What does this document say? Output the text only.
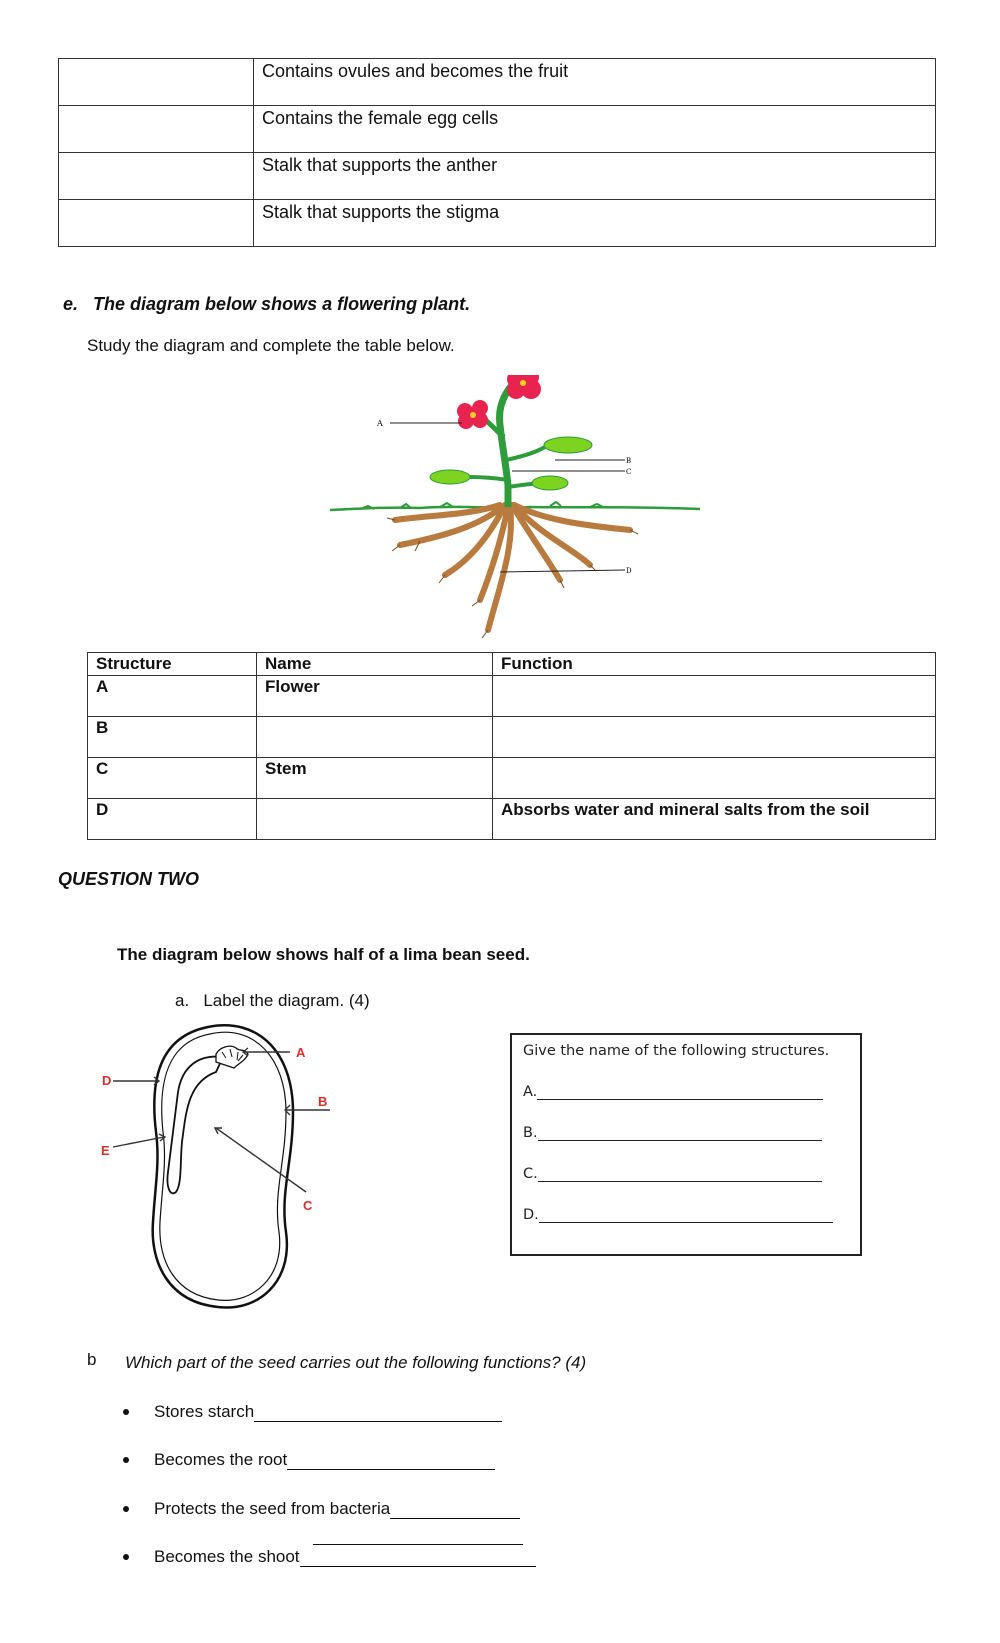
	Contains ovules and becomes the fruit
	Contains the female egg cells
	Stalk that supports the anther
	Stalk that supports the stigma
e. The diagram below shows a flowering plant.
Study the diagram and complete the table below.
A
B
C
D
Structure	Name	Function
A	Flower	
B		
C	Stem	
D		Absorbs water and mineral salts from the soil
QUESTION TWO
The diagram below shows half of a lima bean seed.
a.   Label the diagram. (4)
A
D
B
E
C
Give the name of the following structures.
A.
B.
C.
D.
b Which part of the seed carries out the following functions? (4)
Stores starch
Becomes the root
Protects the seed from bacteria
Becomes the shoot
